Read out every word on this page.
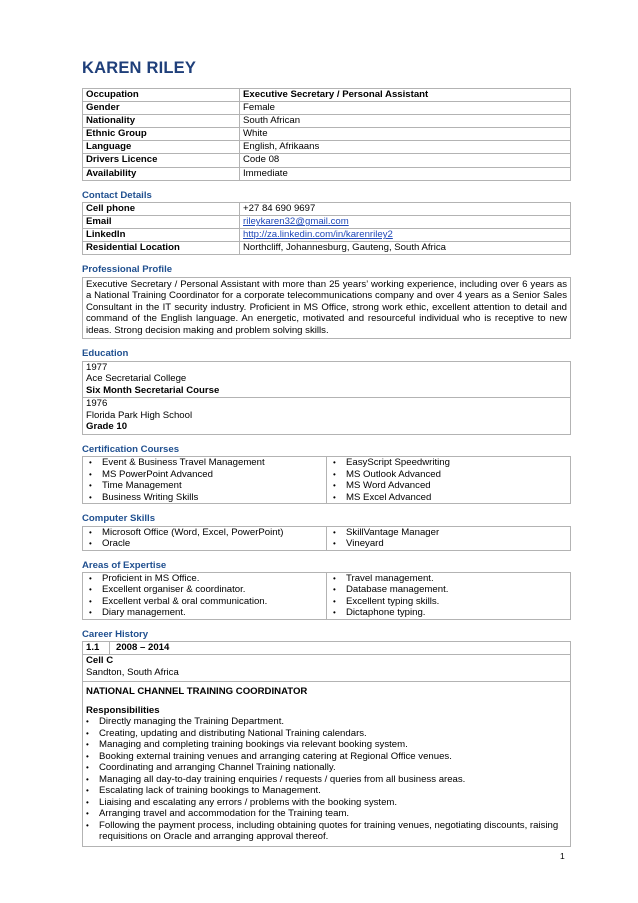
KAREN RILEY
Occupation	Executive Secretary / Personal Assistant
Gender	Female
Nationality	South African
Ethnic Group	White
Language	English, Afrikaans
Drivers Licence	Code 08
Availability	Immediate
Contact Details
Cell phone	+27 84 690 9697
Email	rileykaren32@gmail.com
LinkedIn	http://za.linkedin.com/in/karenriley2
Residential Location	Northcliff, Johannesburg, Gauteng, South Africa
Professional Profile
Executive Secretary / Personal Assistant with more than 25 years’ working experience, including over 6 years as a National Training Coordinator for a corporate telecommunications company and over 4 years as a Senior Sales Consultant in the IT security industry. Proficient in MS Office, strong work ethic, excellent attention to detail and command of the English language. An energetic, motivated and resourceful individual who is receptive to new ideas. Strong decision making and problem solving skills.
Education
1977
Ace Secretarial College
Six Month Secretarial Course
1976
Florida Park High School
Grade 10
Certification Courses
• Event & Business Travel Management
• MS PowerPoint Advanced
• Time Management
• Business Writing Skills
• EasyScript Speedwriting
• MS Outlook Advanced
• MS Word Advanced
• MS Excel Advanced
Computer Skills
• Microsoft Office (Word, Excel, PowerPoint)
• Oracle
• SkillVantage Manager
• Vineyard
Areas of Expertise
• Proficient in MS Office.
• Excellent organiser & coordinator.
• Excellent verbal & oral communication.
• Diary management.
• Travel management.
• Database management.
• Excellent typing skills.
• Dictaphone typing.
Career History
1.1	2008 – 2014
Cell C
Sandton, South Africa
NATIONAL CHANNEL TRAINING COORDINATOR
Responsibilities
• Directly managing the Training Department.
• Creating, updating and distributing National Training calendars.
• Managing and completing training bookings via relevant booking system.
• Booking external training venues and arranging catering at Regional Office venues.
• Coordinating and arranging Channel Training nationally.
• Managing all day-to-day training enquiries / requests / queries from all business areas.
• Escalating lack of training bookings to Management.
• Liaising and escalating any errors / problems with the booking system.
• Arranging travel and accommodation for the Training team.
• Following the payment process, including obtaining quotes for training venues, negotiating discounts, raising requisitions on Oracle and arranging approval thereof.
1
